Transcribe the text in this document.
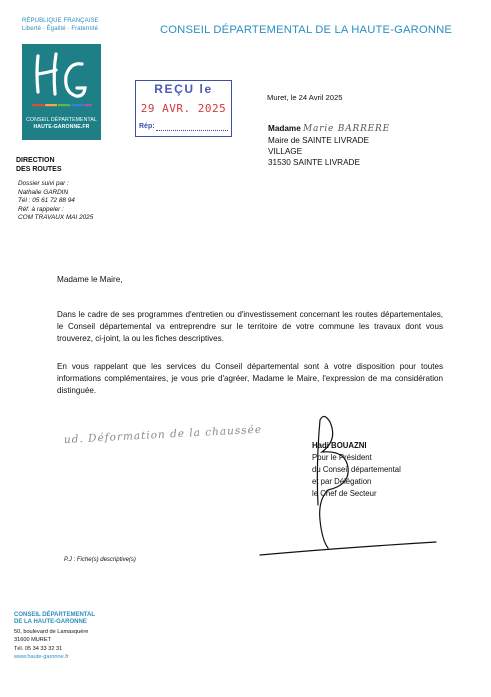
RÉPUBLIQUE FRANÇAISE
Liberté · Égalité · Fraternité	CONSEIL DÉPARTEMENTAL DE LA HAUTE-GARONNE
CONSEIL DÉPARTEMENTAL
HAUTE-GARONNE.FR
DIRECTION
DES ROUTES
Dossier suivi par :
Nathalie GARDIN
Tél : 05 61 72 88 94
Réf. à rappeler :
COM TRAVAUX MAI 2025
REÇU le
29 AVR. 2025
Rép:
Muret, le 24 Avril 2025
Madame Marie BARRERE
Maire de SAINTE LIVRADE
VILLAGE
31530 SAINTE LIVRADE
Madame le Maire,
Dans le cadre de ses programmes d'entretien ou d'investissement concernant les routes départementales, le Conseil départemental va entreprendre sur le territoire de votre commune les travaux dont vous trouverez, ci-joint, la ou les fiches descriptives.
En vous rappelant que les services du Conseil départemental sont à votre disposition pour toutes informations complémentaires, je vous prie d'agréer, Madame le Maire, l'expression de ma considération distinguée.
ud. Déformation de la chaussée	Hadi BOUAZNI
Pour le Président
du Conseil départemental
et par Délégation
le Chef de Secteur
P.J : Fiche(s) descriptive(s)
CONSEIL DÉPARTEMENTAL
DE LA HAUTE-GARONNE
50, boulevard de Lamasquère
31600 MURET
Tél. 05 34 33 32 31
www.haute-garonne.fr
